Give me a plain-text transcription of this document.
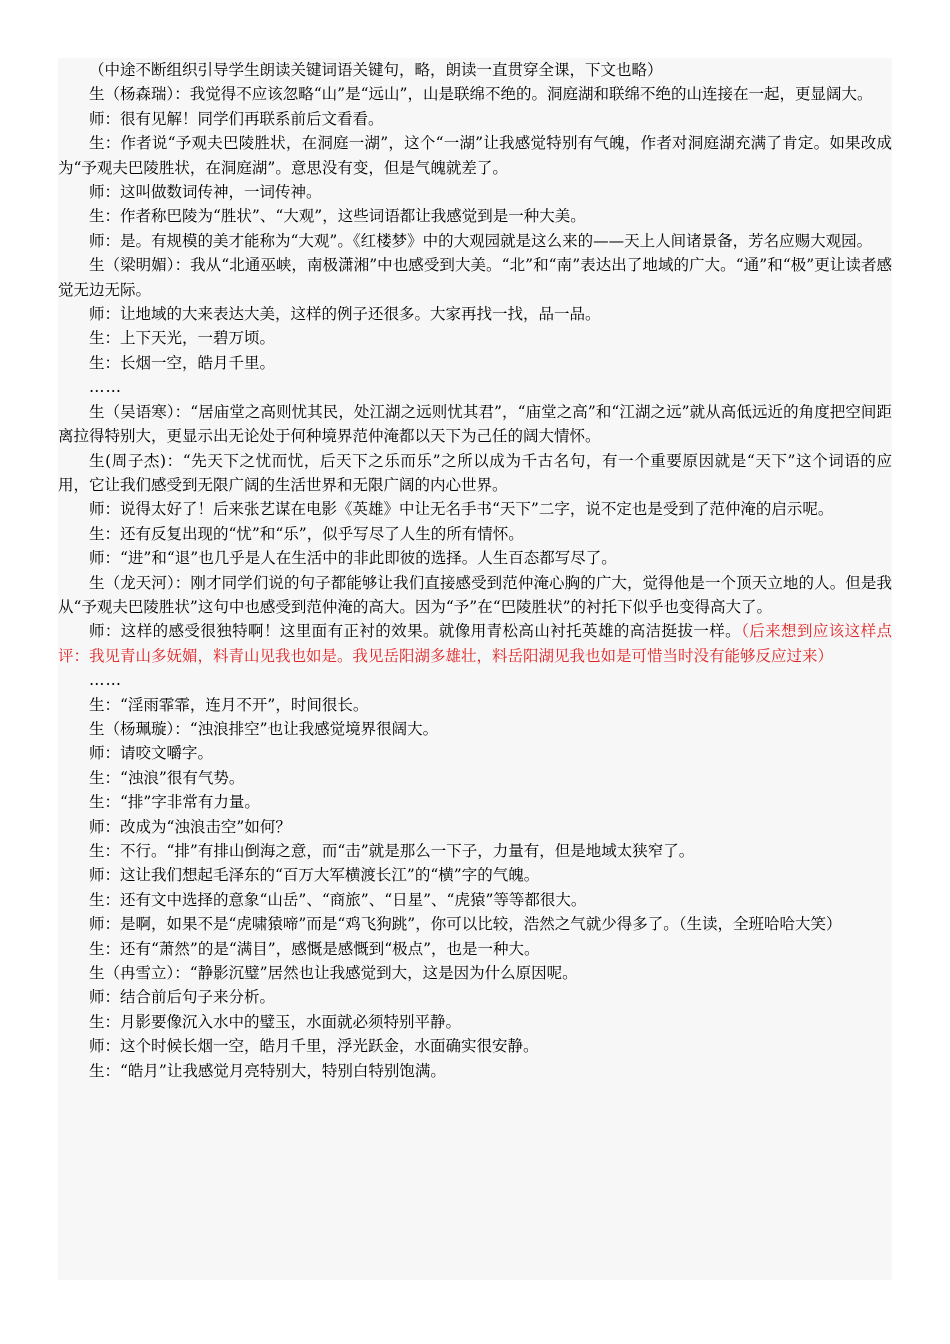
（中途不断组织引导学生朗读关键词语关键句，略，朗读一直贯穿全课，下文也略）

生（杨森瑞）：我觉得不应该忽略“山”是“远山”，山是联绵不绝的。洞庭湖和联绵不绝的山连接在一起，更显阔大。

师：很有见解！同学们再联系前后文看看。

生：作者说“予观夫巴陵胜状，在洞庭一湖”，这个“一湖”让我感觉特别有气魄，作者对洞庭湖充满了肯定。如果改成为“予观夫巴陵胜状，在洞庭湖”。意思没有变，但是气魄就差了。

师：这叫做数词传神，一词传神。

生：作者称巴陵为“胜状”、“大观”，这些词语都让我感觉到是一种大美。

师：是。有规模的美才能称为“大观”。《红楼梦》中的大观园就是这么来的——天上人间诸景备，芳名应赐大观园。

生（梁明媚）：我从“北通巫峡，南极潇湘”中也感受到大美。“北”和“南”表达出了地域的广大。“通”和“极”更让读者感觉无边无际。

师：让地域的大来表达大美，这样的例子还很多。大家再找一找，品一品。

生：上下天光，一碧万顷。

生：长烟一空，皓月千里。

……

生（吴语寒）：“居庙堂之高则忧其民，处江湖之远则忧其君”，“庙堂之高”和“江湖之远”就从高低远近的角度把空间距离拉得特别大，更显示出无论处于何种境界范仲淹都以天下为己任的阔大情怀。

生(周子杰)：“先天下之忧而忧，后天下之乐而乐”之所以成为千古名句，有一个重要原因就是“天下”这个词语的应用，它让我们感受到无限广阔的生活世界和无限广阔的内心世界。

师：说得太好了！后来张艺谋在电影《英雄》中让无名手书“天下”二字，说不定也是受到了范仲淹的启示呢。

生：还有反复出现的“忧”和“乐”，似乎写尽了人生的所有情怀。

师：“进”和“退”也几乎是人在生活中的非此即彼的选择。人生百态都写尽了。

生（龙天河）：刚才同学们说的句子都能够让我们直接感受到范仲淹心胸的广大，觉得他是一个顶天立地的人。但是我从“予观夫巴陵胜状”这句中也感受到范仲淹的高大。因为“予”在“巴陵胜状”的衬托下似乎也变得高大了。

师：这样的感受很独特啊！这里面有正衬的效果。就像用青松高山衬托英雄的高洁挺拔一样。（后来想到应该这样点评：我见青山多妩媚，料青山见我也如是。我见岳阳湖多雄壮，料岳阳湖见我也如是可惜当时没有能够反应过来）

……

生：“淫雨霏霏，连月不开”，时间很长。

生（杨珮璇）：“浊浪排空”也让我感觉境界很阔大。

师：请咬文嚼字。

生：“浊浪”很有气势。

生：“排”字非常有力量。

师：改成为“浊浪击空”如何？

生：不行。“排”有排山倒海之意，而“击”就是那么一下子，力量有，但是地域太狭窄了。

师：这让我们想起毛泽东的“百万大军横渡长江”的“横”字的气魄。

生：还有文中选择的意象“山岳”、“商旅”、“日星”、“虎猿”等等都很大。

师：是啊，如果不是“虎啸猿啼”而是“鸡飞狗跳”，你可以比较，浩然之气就少得多了。（生读，全班哈哈大笑）

生：还有“萧然”的是“满目”，感慨是感慨到“极点”，也是一种大。

生（冉雪立）：“静影沉璧”居然也让我感觉到大，这是因为什么原因呢。

师：结合前后句子来分析。

生：月影要像沉入水中的璧玉，水面就必须特别平静。

师：这个时候长烟一空，皓月千里，浮光跃金，水面确实很安静。

生：“皓月”让我感觉月亮特别大，特别白特别饱满。
